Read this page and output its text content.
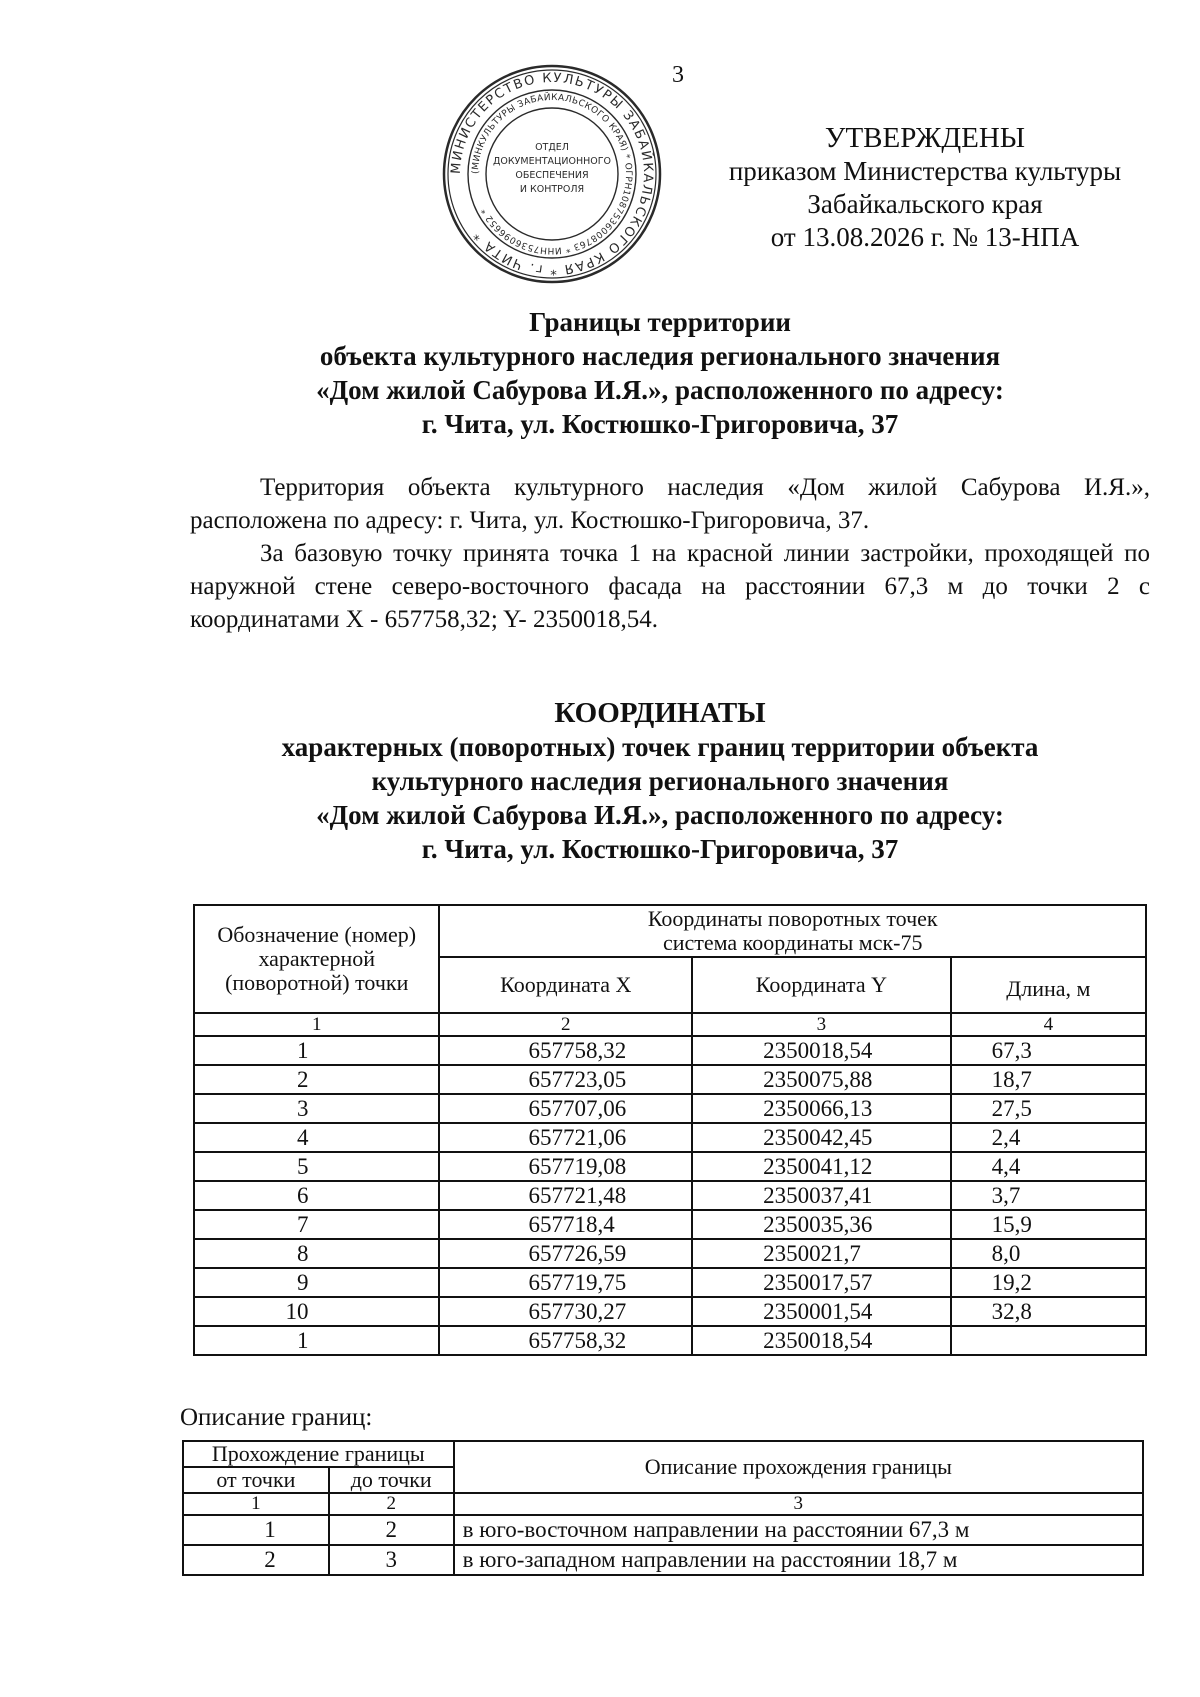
3
МИНИСТЕРСТВО КУЛЬТУРЫ ЗАБАЙКАЛЬСКОГО КРАЯ * г. ЧИТА *
(МИНКУЛЬТУРЫ ЗАБАЙКАЛЬСКОГО КРАЯ) * ОГРН1087536008763 * ИНН7536096652 *
ОТДЕЛ
ДОКУМЕНТАЦИОННОГО
ОБЕСПЕЧЕНИЯ
И КОНТРОЛЯ
УТВЕРЖДЕНЫ
приказом Министерства культуры
Забайкальского края
от 13.08.2026 г. № 13-НПА
Границы территории
объекта культурного наследия регионального значения
«Дом жилой Сабурова И.Я.», расположенного по адресу:
г. Чита, ул. Костюшко-Григоровича, 37

Территория объекта культурного наследия «Дом жилой Сабурова И.Я.», расположена по адресу: г. Чита, ул. Костюшко-Григоровича, 37.

За базовую точку принята точка 1 на красной линии застройки, проходящей по наружной стене северо-восточного фасада на расстоянии 67,3 м до точки 2 с координатами X - 657758,32; Y- 2350018,54.

КООРДИНАТЫ
характерных (поворотных) точек границ территории объекта
культурного наследия регионального значения
«Дом жилой Сабурова И.Я.», расположенного по адресу:
г. Чита, ул. Костюшко-Григоровича, 37
Обозначение (номер) характерной (поворотной) точки	Координаты поворотных точек
система координаты мск-75		

	Координата X	Координата Y	Длина, м
1	2	3	4
1	657758,32	2350018,54	67,3
2	657723,05	2350075,88	18,7
3	657707,06	2350066,13	27,5
4	657721,06	2350042,45	2,4
5	657719,08	2350041,12	4,4
6	657721,48	2350037,41	3,7
7	657718,4	2350035,36	15,9
8	657726,59	2350021,7	8,0
9	657719,75	2350017,57	19,2
10	657730,27	2350001,54	32,8
1	657758,32	2350018,54	
Описание границ:
Прохождение границы		Описание прохождения границы
от точки	до точки	
1	2	3
1	2	в юго-восточном направлении на расстоянии 67,3 м
2	3	в юго-западном направлении на расстоянии 18,7 м
